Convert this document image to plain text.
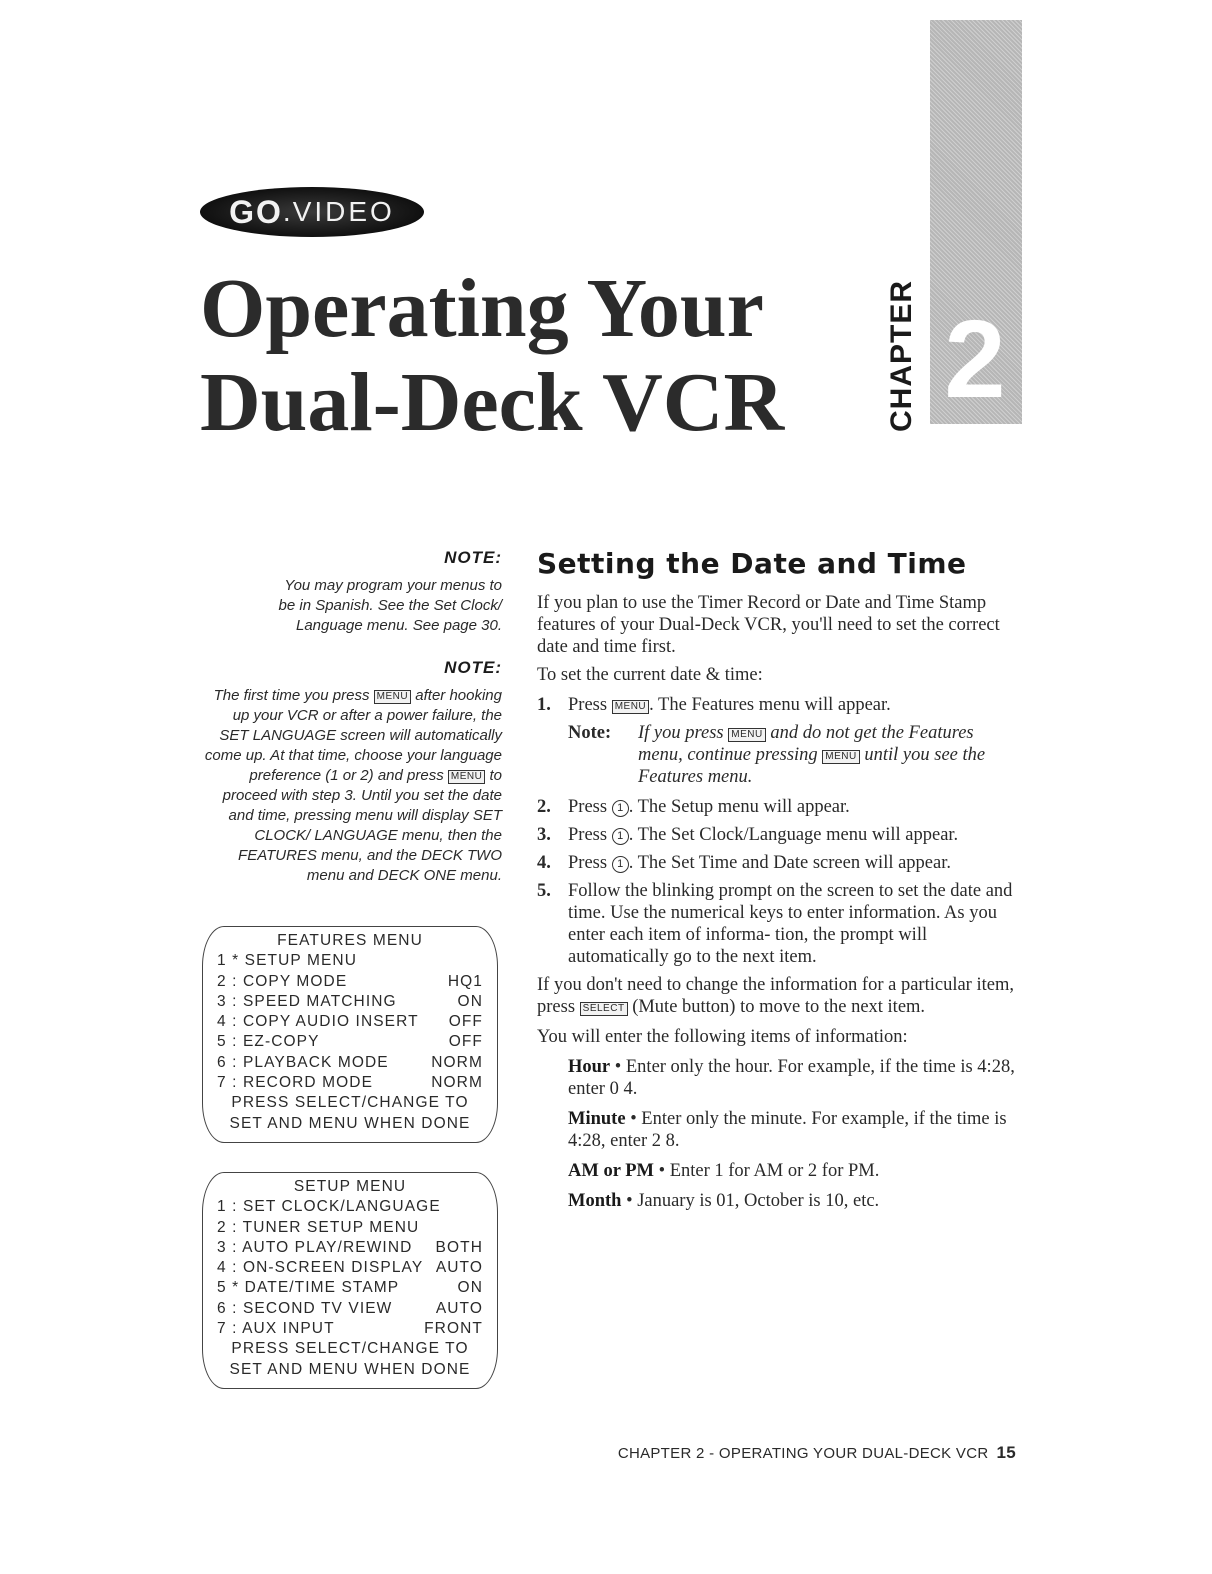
GO . VIDEO
Operating Your
Dual-Deck VCR	CHAPTER 2

NOTE:

You may program your menus to be in Spanish. See the Set Clock/ Language menu. See page 30.

NOTE:

The first time you press MENU after hooking up your VCR or after a power failure, the SET LANGUAGE screen will automatically come up. At that time, choose your language preference (1 or 2) and press MENU to proceed with step 3. Until you set the date and time, pressing menu will display SET CLOCK/ LANGUAGE menu, then the FEATURES menu, and the DECK TWO menu and DECK ONE menu.

FEATURES MENU
1 * SETUP MENU
2 : COPY MODE	HQ1
3 : SPEED MATCHING	ON
4 : COPY AUDIO INSERT OFF
5 : EZ-COPY	OFF
6 : PLAYBACK MODE	NORM
7 : RECORD MODE	NORM
PRESS SELECT/CHANGE TO
SET AND MENU WHEN DONE
SETUP MENU
1 : SET CLOCK/LANGUAGE
2 : TUNER SETUP MENU
3 : AUTO PLAY/REWIND BOTH
4 : ON-SCREEN DISPLAY AUTO
5 * DATE/TIME STAMP	ON
6 : SECOND TV VIEW	AUTO
7 : AUX INPUT	FRONT
PRESS SELECT/CHANGE TO
SET AND MENU WHEN DONE
Setting the Date and Time

If you plan to use the Timer Record or Date and Time Stamp features of your Dual-Deck VCR, you'll need to set the correct date and time first.

To set the current date & time:

1. Press MENU . The Features menu will appear.
Note:	If you press MENU and do not get the Features menu, continue pressing MENU until you see the Features menu.
2. Press 1 . The Setup menu will appear.
3. Press 1 . The Set Clock/Language menu will appear.
4. Press 1 . The Set Time and Date screen will appear.
5. Follow the blinking prompt on the screen to set the date and time. Use the numerical keys to enter information. As you enter each item of informa- tion, the prompt will automatically go to the next item.

If you don't need to change the information for a particular item, press SELECT (Mute button) to move to the next item.

You will enter the following items of information:

Hour • Enter only the hour. For example, if the time is 4:28, enter 0 4.

Minute • Enter only the minute. For example, if the time is 4:28, enter 2 8.

AM or PM • Enter 1 for AM or 2 for PM.

Month • January is 01, October is 10, etc.

CHAPTER 2 - OPERATING YOUR DUAL-DECK VCR 15
